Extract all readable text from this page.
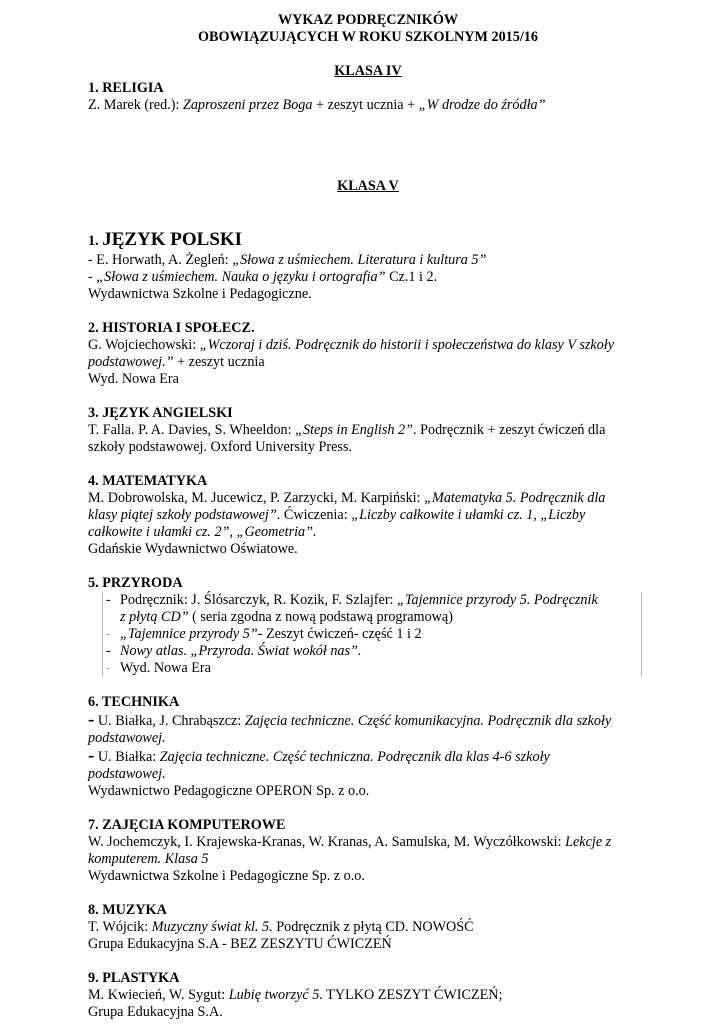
WYKAZ PODRĘCZNIKÓW
OBOWIĄZUJĄCYCH W ROKU SZKOLNYM 2015/16
KLASA IV
1. RELIGIA

Z. Marek (red.): Zaproszeni przez Boga + zeszyt ucznia + „W drodze do źródła”

KLASA V
1. JĘZYK POLSKI

- E. Horwath, A. Żegleń: „Słowa z uśmiechem. Literatura i kultura 5”

- „Słowa z uśmiechem. Nauka o języku i ortografia” Cz.1 i 2.

Wydawnictwa Szkolne i Pedagogiczne.

2. HISTORIA I SPOŁECZ.

G. Wojciechowski: „Wczoraj i dziś. Podręcznik do historii i społeczeństwa do klasy V szkoły
podstawowej.” + zeszyt ucznia

Wyd. Nowa Era

3. JĘZYK ANGIELSKI

T. Falla. P. A. Davies, S. Wheeldon: „Steps in English 2”. Podręcznik + zeszyt ćwiczeń dla
szkoły podstawowej. Oxford University Press.

4. MATEMATYKA

M. Dobrowolska, M. Jucewicz, P. Zarzycki, M. Karpiński: „Matematyka 5. Podręcznik dla
klasy piątej szkoły podstawowej”. Ćwiczenia: „Liczby całkowite i ułamki cz. 1, „Liczby
całkowite i ułamki cz. 2”, „Geometria”.

Gdańskie Wydawnictwo Oświatowe.

5. PRZYRODA
- Podręcznik: J. Ślósarczyk, R. Kozik, F. Szlajfer: „Tajemnice przyrody 5. Podręcznik
z płytą CD” ( seria zgodna z nową podstawą programową)
- „Tajemnice przyrody 5”- Zeszyt ćwiczeń- część 1 i 2
- Nowy atlas. „Przyroda. Świat wokół nas”.
- Wyd. Nowa Era
6. TECHNIKA

- U. Białka, J. Chrabąszcz: Zajęcia techniczne. Część komunikacyjna. Podręcznik dla szkoły
podstawowej.

- U. Białka: Zajęcia techniczne. Część techniczna. Podręcznik dla klas 4-6 szkoły
podstawowej.

Wydawnictwo Pedagogiczne OPERON Sp. z o.o.

7. ZAJĘCIA KOMPUTEROWE

W. Jochemczyk, I. Krajewska-Kranas, W. Kranas, A. Samulska, M. Wyczółkowski: Lekcje z
komputerem. Klasa 5

Wydawnictwa Szkolne i Pedagogiczne Sp. z o.o.

8. MUZYKA

T. Wójcik: Muzyczny świat kl. 5. Podręcznik z płytą CD. NOWOŚĆ

Grupa Edukacyjna S.A - BEZ ZESZYTU ĆWICZEŃ

9. PLASTYKA

M. Kwiecień, W. Sygut: Lubię tworzyć 5. TYLKO ZESZYT ĆWICZEŃ;

Grupa Edukacyjna S.A.
